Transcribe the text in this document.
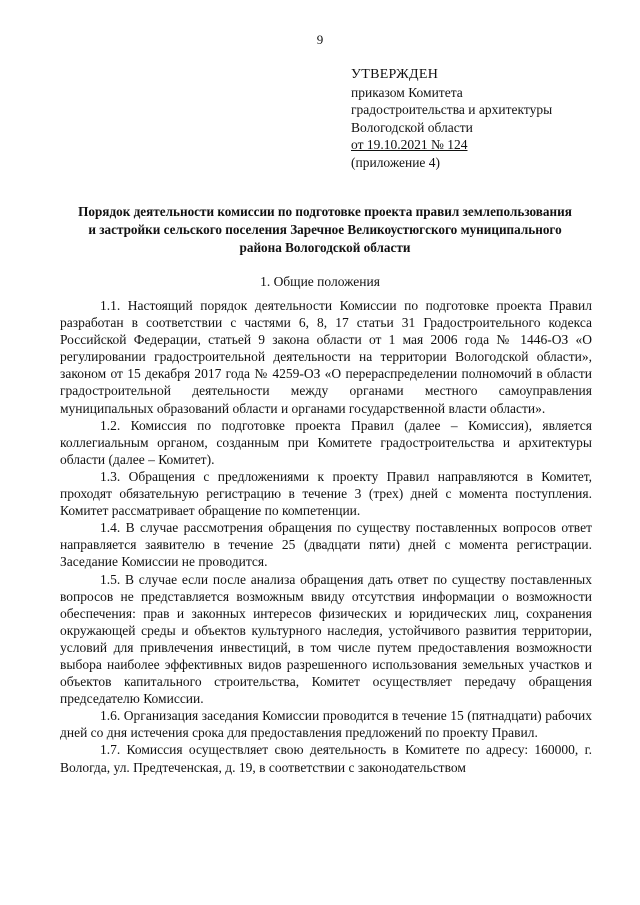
9
УТВЕРЖДЕН
приказом Комитета
градостроительства и архитектуры
Вологодской области
от 19.10.2021 № 124
(приложение 4)
Порядок деятельности комиссии по подготовке проекта правил землепользования и застройки сельского поселения Заречное Великоустюгского муниципального района Вологодской области
1. Общие положения

1.1. Настоящий порядок деятельности Комиссии по подготовке проекта Правил разработан в соответствии с частями 6, 8, 17 статьи 31 Градостроительного кодекса Российской Федерации, статьей 9 закона области от 1 мая 2006 года № 1446-ОЗ «О регулировании градостроительной деятельности на территории Вологодской области», законом от 15 декабря 2017 года № 4259-ОЗ «О перераспределении полномочий в области градостроительной деятельности между органами местного самоуправления муниципальных образований области и органами государственной власти области».

1.2. Комиссия по подготовке проекта Правил (далее – Комиссия), является коллегиальным органом, созданным при Комитете градостроительства и архитектуры области (далее – Комитет).

1.3. Обращения с предложениями к проекту Правил направляются в Комитет, проходят обязательную регистрацию в течение 3 (трех) дней с момента поступления. Комитет рассматривает обращение по компетенции.

1.4. В случае рассмотрения обращения по существу поставленных вопросов ответ направляется заявителю в течение 25 (двадцати пяти) дней с момента регистрации. Заседание Комиссии не проводится.

1.5. В случае если после анализа обращения дать ответ по существу поставленных вопросов не представляется возможным ввиду отсутствия информации о возможности обеспечения: прав и законных интересов физических и юридических лиц, сохранения окружающей среды и объектов культурного наследия, устойчивого развития территории, условий для привлечения инвестиций, в том числе путем предоставления возможности выбора наиболее эффективных видов разрешенного использования земельных участков и объектов капитального строительства, Комитет осуществляет передачу обращения председателю Комиссии.

1.6. Организация заседания Комиссии проводится в течение 15 (пятнадцати) рабочих дней со дня истечения срока для предоставления предложений по проекту Правил.

1.7. Комиссия осуществляет свою деятельность в Комитете по адресу: 160000, г. Вологда, ул. Предтеченская, д. 19, в соответствии с законодательством
